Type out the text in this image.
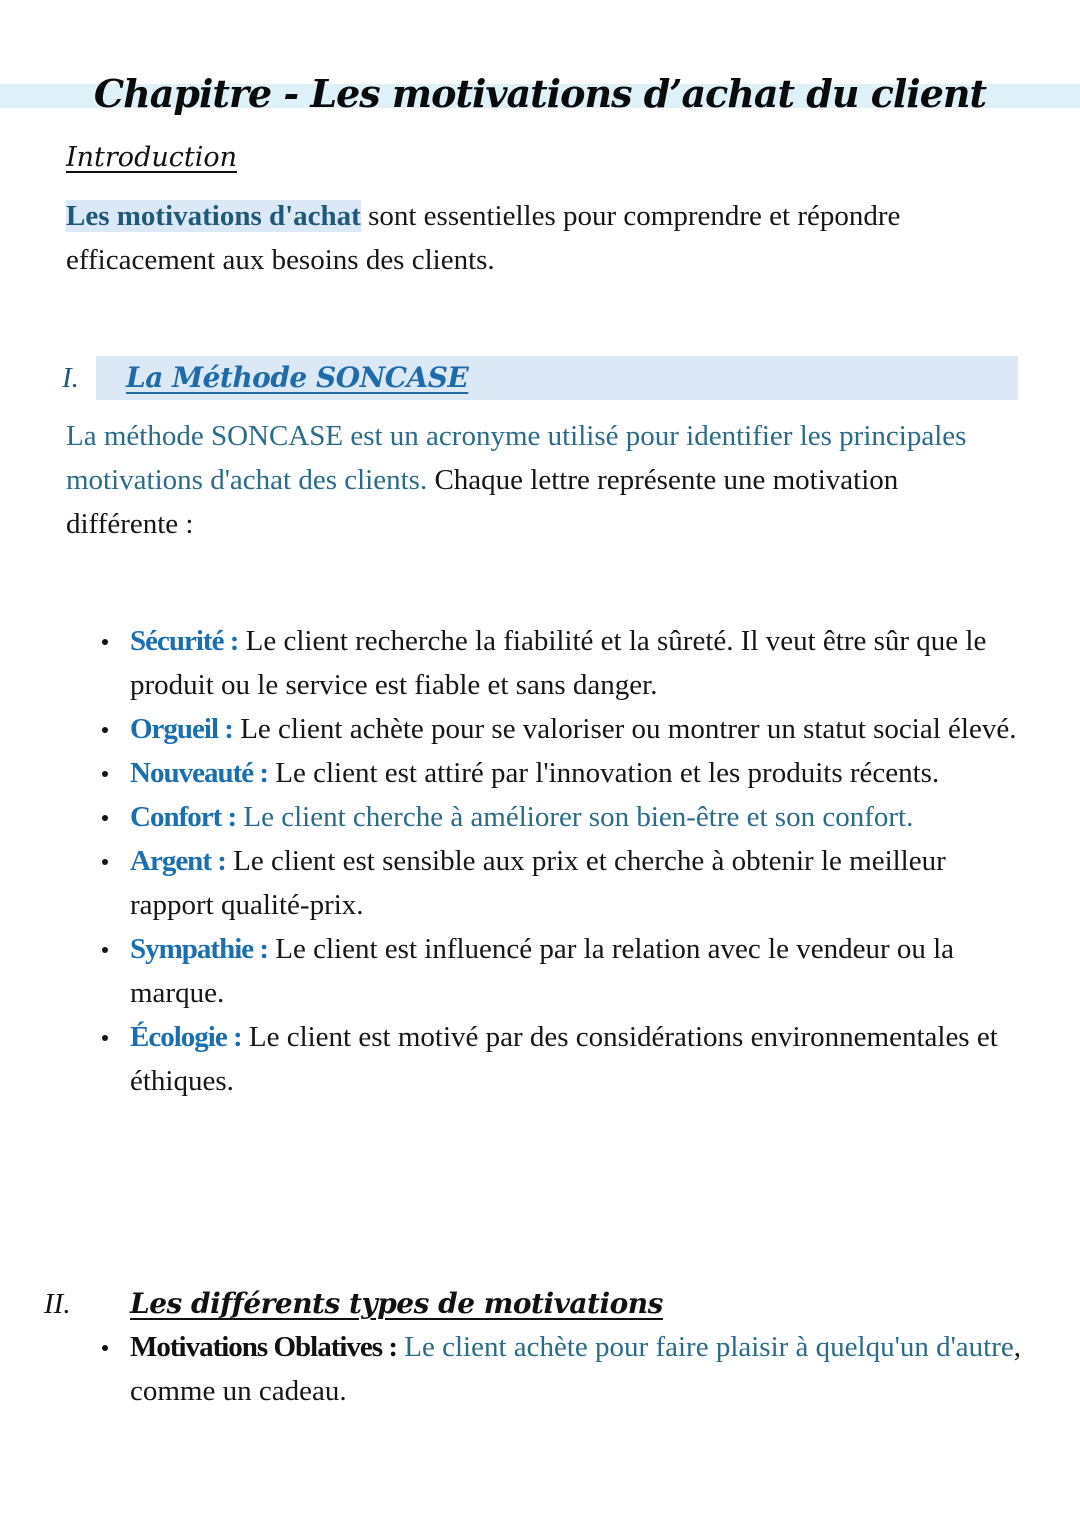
Chapitre - Les motivations d’achat du client
Introduction

Les motivations d'achat sont essentielles pour comprendre et répondre efficacement aux besoins des clients.

I. La Méthode SONCASE

La méthode SONCASE est un acronyme utilisé pour identifier les principales motivations d'achat des clients. Chaque lettre représente une motivation différente :

Sécurité : Le client recherche la fiabilité et la sûreté. Il veut être sûr que le produit ou le service est fiable et sans danger.
Orgueil : Le client achète pour se valoriser ou montrer un statut social élevé.
Nouveauté : Le client est attiré par l'innovation et les produits récents.
Confort : Le client cherche à améliorer son bien-être et son confort.
Argent : Le client est sensible aux prix et cherche à obtenir le meilleur rapport qualité-prix.
Sympathie : Le client est influencé par la relation avec le vendeur ou la marque.
Écologie : Le client est motivé par des considérations environnementales et éthiques.
II. Les différents types de motivations
Motivations Oblatives : Le client achète pour faire plaisir à quelqu'un d'autre, comme un cadeau.
